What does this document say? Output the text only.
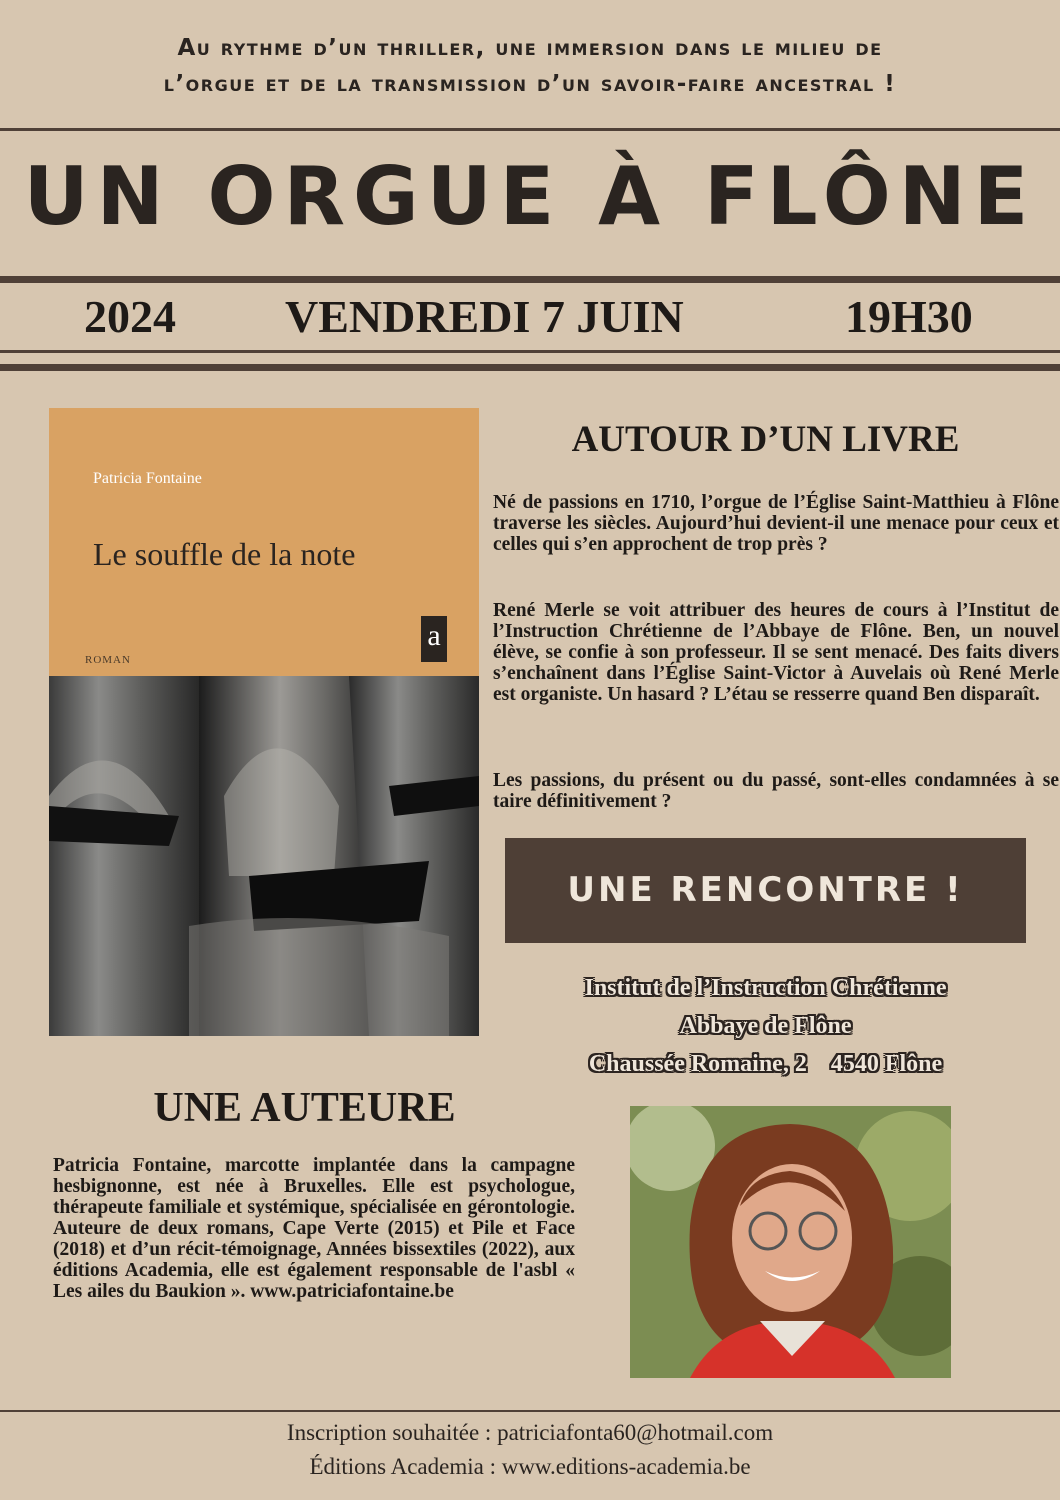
Au rythme d’un thriller, une immersion dans le milieu de
l’orgue et de la transmission d’un savoir-faire ancestral !
UN ORGUE À FLÔNE
2024 VENDREDI 7 JUIN	19H30
Patricia Fontaine
Le souffle de la note
ROMAN
a
AUTOUR D’UN LIVRE
Né de passions en 1710, l’orgue de l’Église Saint-Matthieu à Flône traverse les siècles. Aujourd’hui devient-il une menace pour ceux et celles qui s’en approchent de trop près ?
René Merle se voit attribuer des heures de cours à l’Institut de l’Instruction Chrétienne de l’Abbaye de Flône. Ben, un nouvel élève, se confie à son professeur. Il se sent menacé. Des faits divers s’enchaînent dans l’Église Saint-Victor à Auvelais où René Merle est organiste. Un hasard ? L’étau se resserre quand Ben disparaît.
Les passions, du présent ou du passé, sont-elles condamnées à se taire définitivement ?
UNE RENCONTRE !
Institut de l’Instruction Chrétienne
Abbaye de Flône
Chaussée Romaine, 2    4540 Flône
UNE AUTEURE
Patricia Fontaine, marcotte implantée dans la campagne hesbignonne, est née à Bruxelles. Elle est psychologue, thérapeute familiale et systémique, spécialisée en gérontologie. Auteure de deux romans, Cape Verte (2015) et Pile et Face (2018) et d’un récit-témoignage, Années bissextiles (2022), aux éditions Academia, elle est également responsable de l'asbl « Les ailes du Baukion ». www.patriciafontaine.be
Inscription souhaitée : patriciafonta60@hotmail.com
Éditions Academia : www.editions-academia.be
